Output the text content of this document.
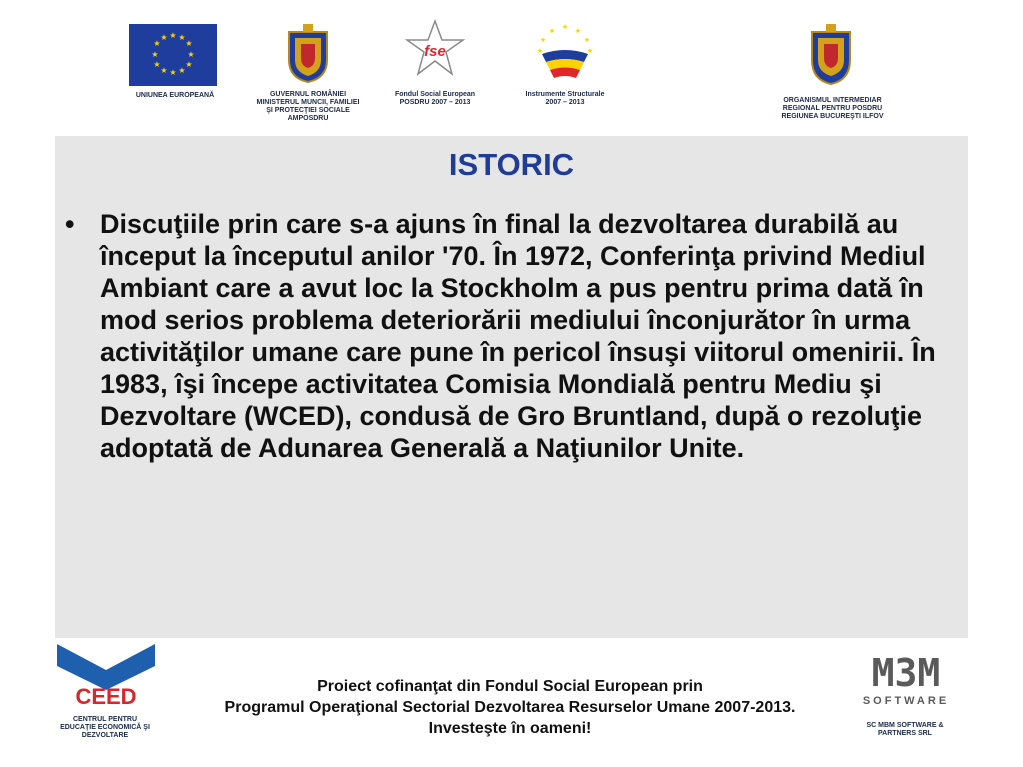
★ ★
★
★
★
★
★
★
★
★
★
★
UNIUNEA EUROPEANĂ	GUVERNUL ROMÂNIEI
MINISTERUL MUNCII, FAMILIEI
ŞI PROTECŢIEI SOCIALE
AMPOSDRU
fse
Fondul Social European
POSDRU 2007 – 2013
★ ★
★
★
★
★	★
Instrumente Structurale
2007 – 2013	ORGANISMUL INTERMEDIAR
REGIONAL PENTRU POSDRU
REGIUNEA BUCUREŞTI ILFOV
ISTORIC
• Discuţiile prin care s-a ajuns în final la dezvoltarea durabilă au început la începutul anilor '70. În 1972, Conferinţa privind Mediul Ambiant care a avut loc la Stockholm a pus pentru prima dată în mod serios problema deteriorării mediului înconjurător în urma activităţilor umane care pune în pericol însuşi viitorul omenirii. În 1983, îşi începe activitatea Comisia Mondială pentru Mediu şi Dezvoltare (WCED), condusă de Gro Bruntland, după o rezoluţie adoptată de Adunarea Generală a Naţiunilor Unite.
CEED
CENTRUL PENTRU
EDUCAŢIE ECONOMICĂ ŞI
DEZVOLTARE
Proiect cofinanţat din Fondul Social European prin
Programul Operaţional Sectorial Dezvoltarea Resurselor Umane 2007-2013.
Investeşte în oameni!
M3M
SOFTWARE
SC MBM SOFTWARE &
PARTNERS SRL
